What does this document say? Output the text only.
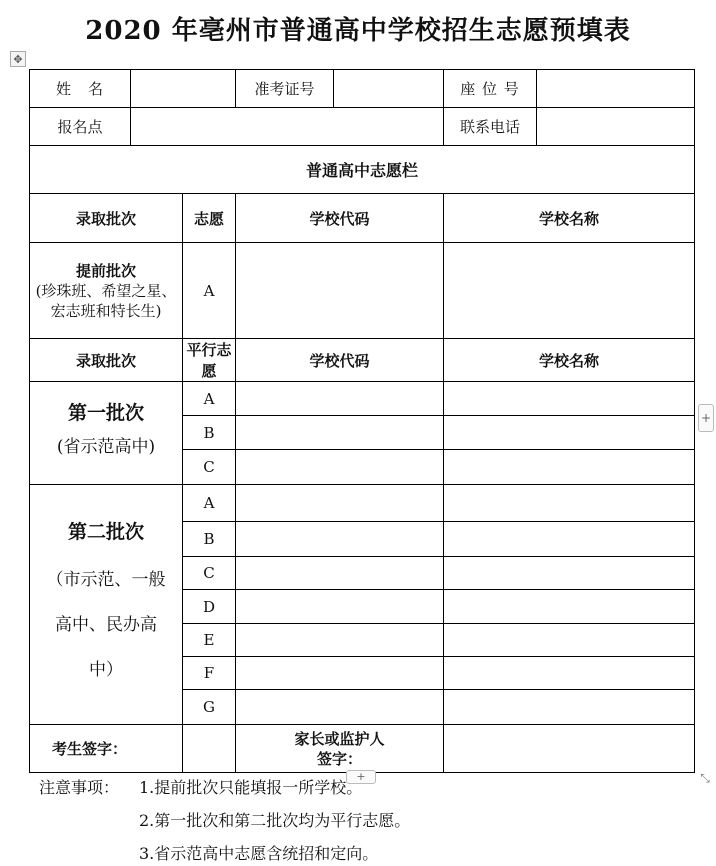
2020 年亳州市普通高中学校招生志愿预填表
✥
姓　名			准考证号		座 位 号	
报名点					联系电话	
普通高中志愿栏						
录取批次		志愿	学校代码		学校名称	

提前批次
(珍珠班、希望之星、宏志班和特长生)		A				
录取批次		平行志愿	学校代码		学校名称	

第一批次
(省示范高中)		A				
		B				
		C				

第二批次
（市示范、一般高中、民办高中）		A				
		B				
		C				
		D				
		E				
		F				
		G				
考生签字：			家长或监护人
签字：			

+
+	⤡
注意事项： 1.提前批次只能填报一所学校。
2.第一批次和第二批次均为平行志愿。
3.省示范高中志愿含统招和定向。
